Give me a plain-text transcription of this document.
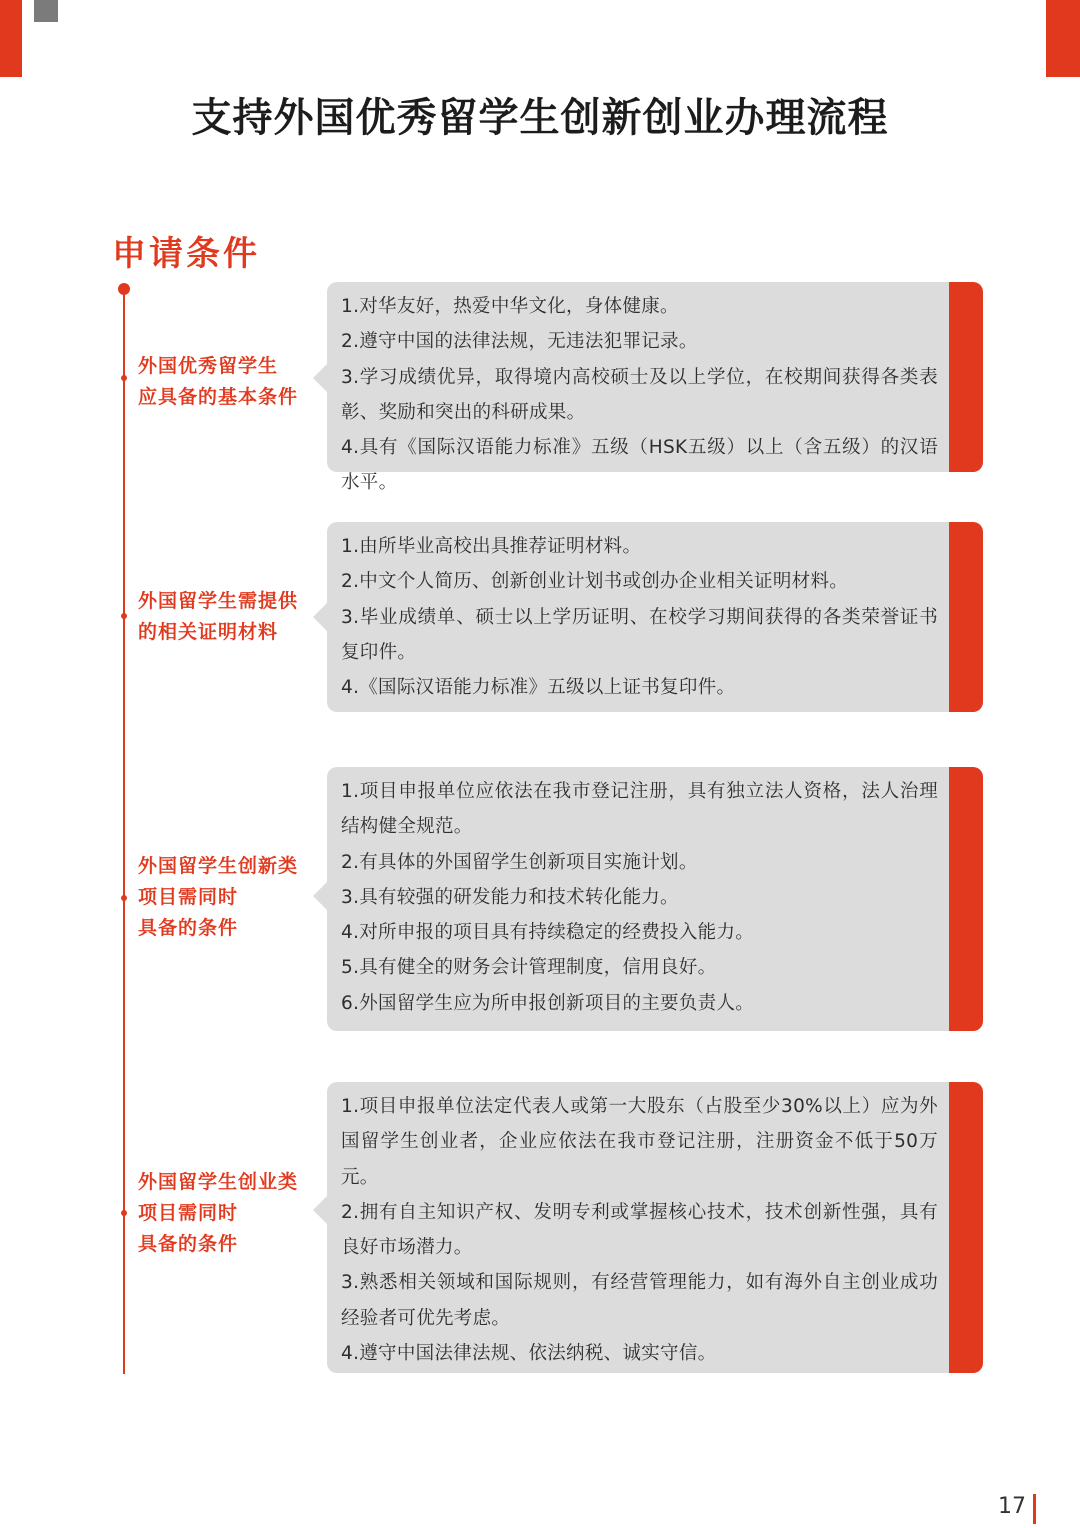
支持外国优秀留学生创新创业办理流程
申请条件
外国优秀留学生
应具备的基本条件

1.对华友好，热爱中华文化，身体健康。

2.遵守中国的法律法规，无违法犯罪记录。

3.学习成绩优异，取得境内高校硕士及以上学位，在校期间获得各类表彰、奖励和突出的科研成果。

4.具有《国际汉语能力标准》五级（HSK五级）以上（含五级）的汉语水平。

外国留学生需提供
的相关证明材料

1.由所毕业高校出具推荐证明材料。

2.中文个人简历、创新创业计划书或创办企业相关证明材料。

3.毕业成绩单、硕士以上学历证明、在校学习期间获得的各类荣誉证书复印件。

4.《国际汉语能力标准》五级以上证书复印件。

外国留学生创新类
项目需同时
具备的条件

1.项目申报单位应依法在我市登记注册，具有独立法人资格，法人治理结构健全规范。

2.有具体的外国留学生创新项目实施计划。

3.具有较强的研发能力和技术转化能力。

4.对所申报的项目具有持续稳定的经费投入能力。

5.具有健全的财务会计管理制度，信用良好。

6.外国留学生应为所申报创新项目的主要负责人。

外国留学生创业类
项目需同时
具备的条件

1.项目申报单位法定代表人或第一大股东（占股至少30%以上）应为外国留学生创业者，企业应依法在我市登记注册，注册资金不低于50万元。

2.拥有自主知识产权、发明专利或掌握核心技术，技术创新性强，具有良好市场潜力。

3.熟悉相关领域和国际规则，有经营管理能力，如有海外自主创业成功经验者可优先考虑。

4.遵守中国法律法规、依法纳税、诚实守信。

17
